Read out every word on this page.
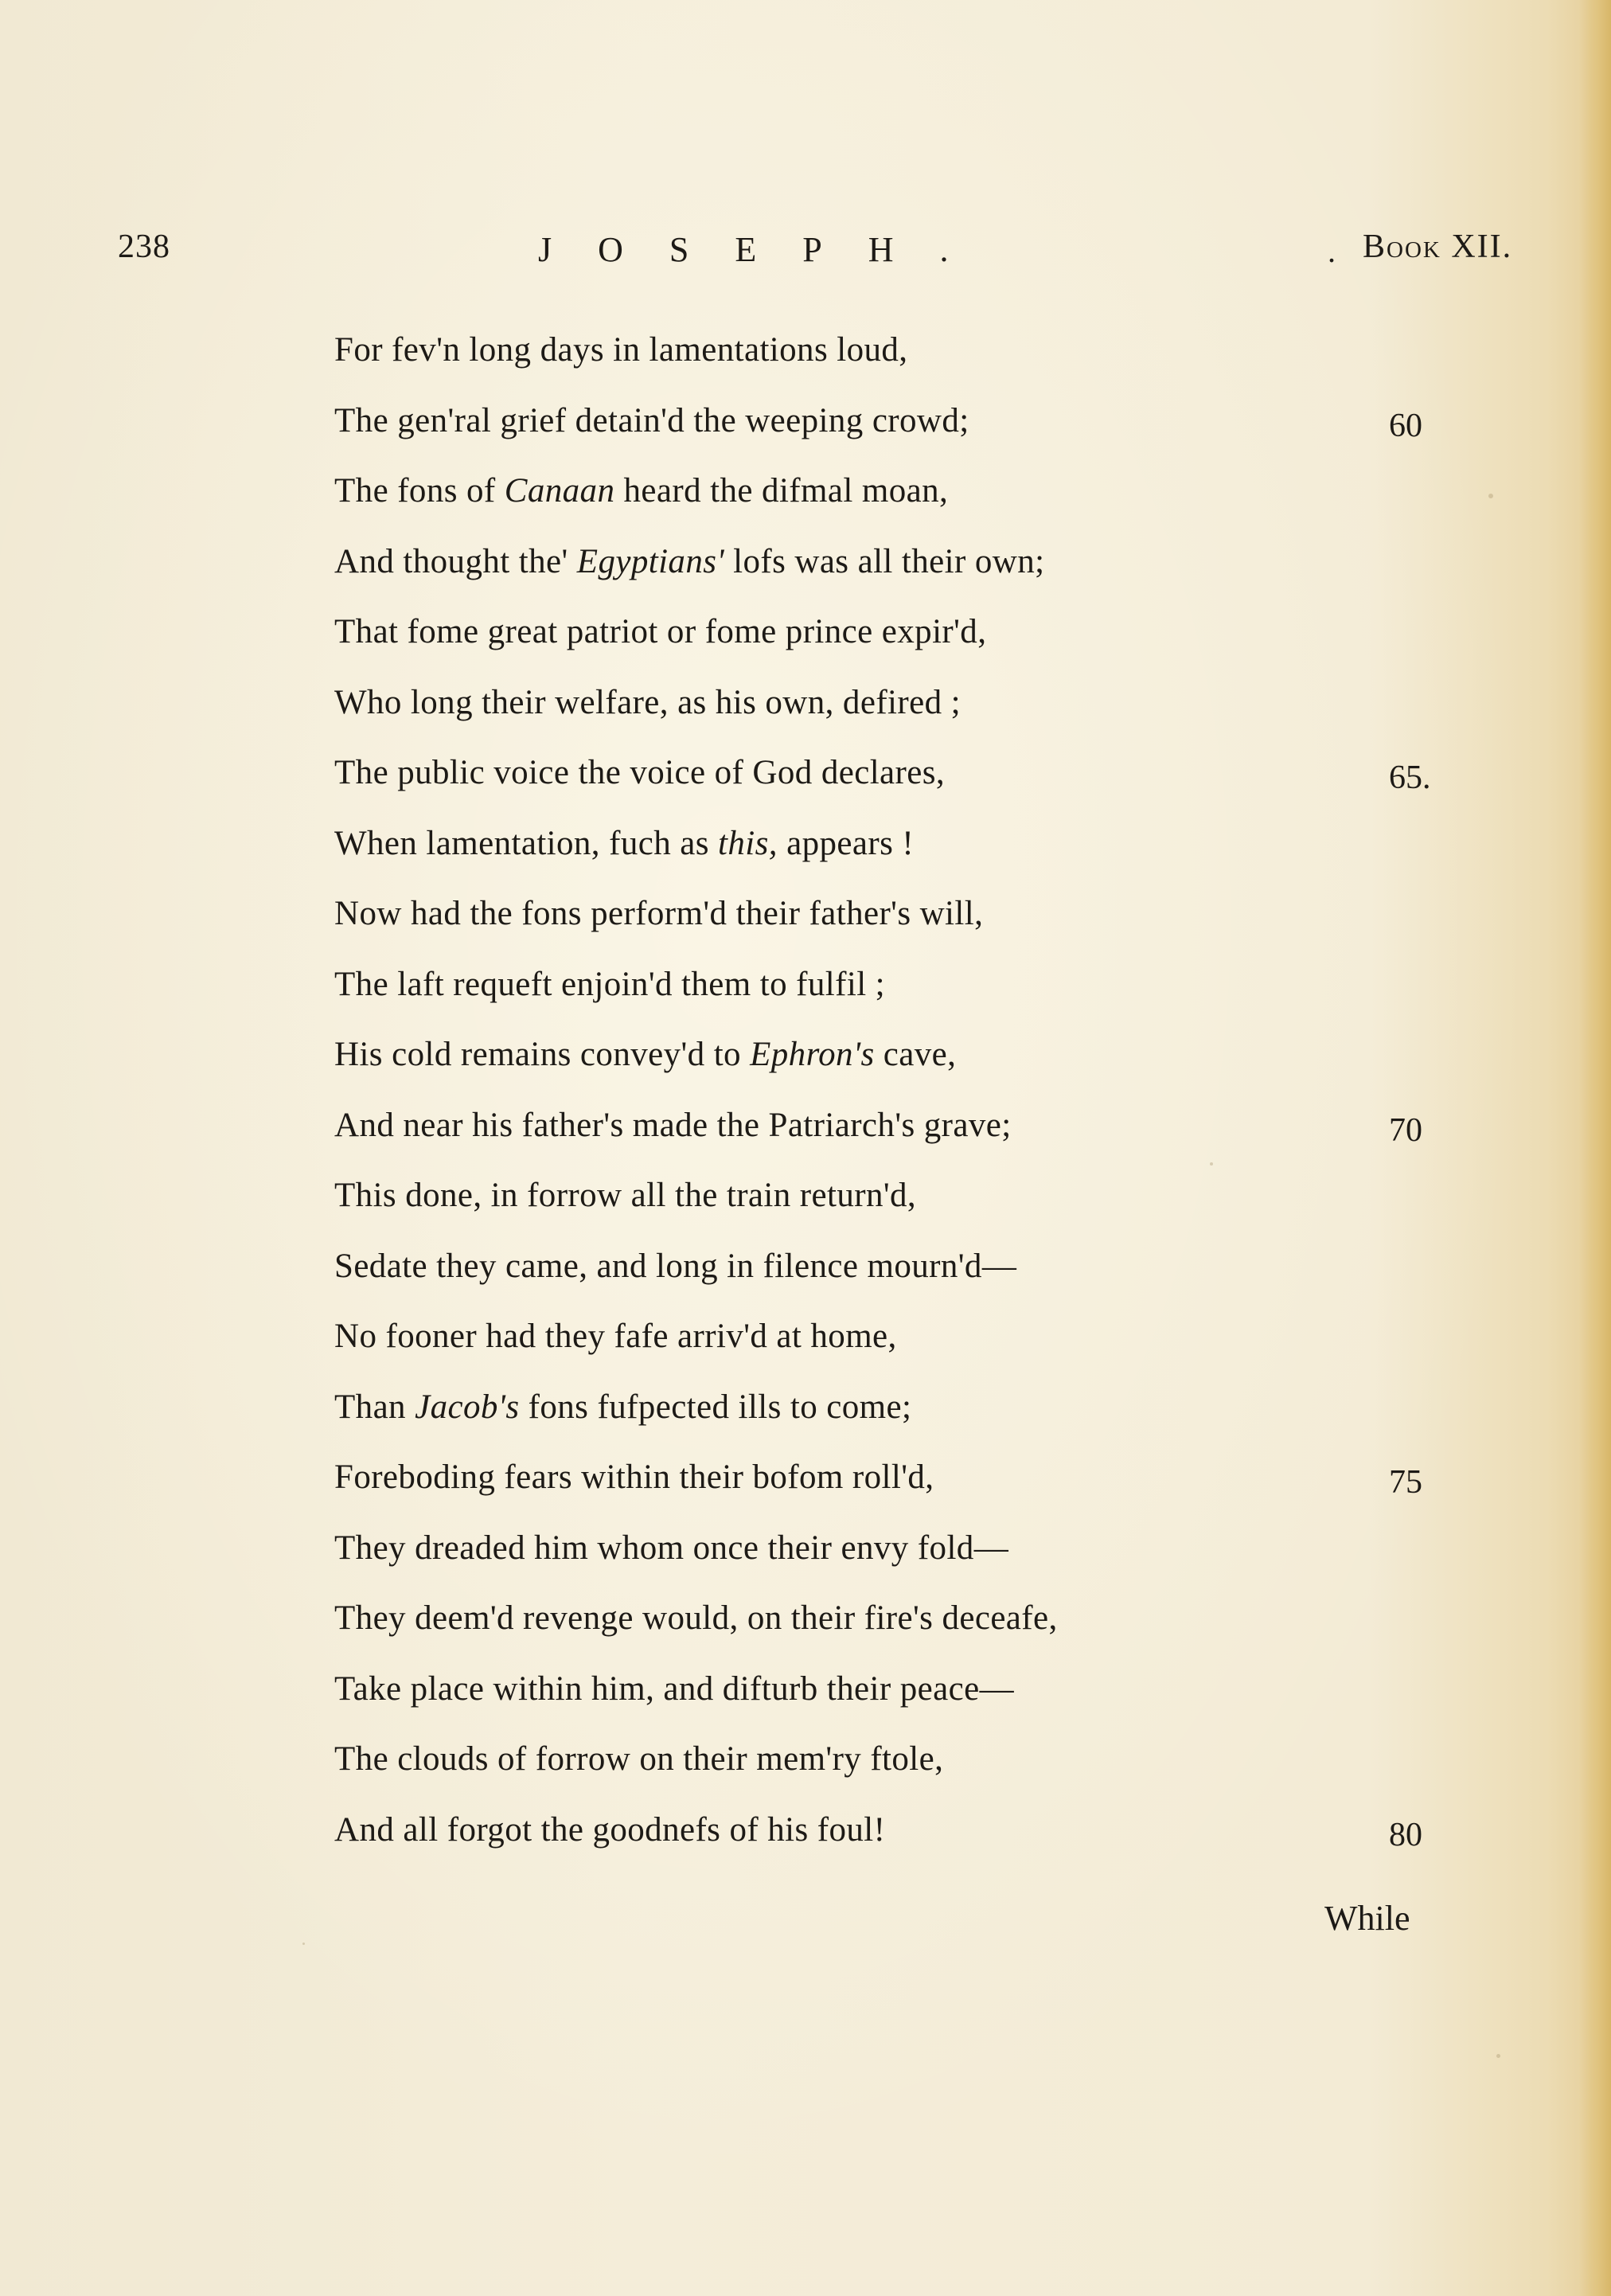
238	JOSEPH.	. Book XII.
For fev'n long days in lamentations loud,
The gen'ral grief detain'd the weeping crowd;	60
The fons of Canaan heard the difmal moan,
And thought the' Egyptians' lofs was all their own;
That fome great patriot or fome prince expir'd,
Who long their welfare, as his own, defired ;
The public voice the voice of God declares,	65.
When lamentation, fuch as this, appears !
Now had the fons perform'd their father's will,
The laft requeft enjoin'd them to fulfil ;
His cold remains convey'd to Ephron's cave,
And near his father's made the Patriarch's grave;	70
This done, in forrow all the train return'd,
Sedate they came, and long in filence mourn'd—
No fooner had they fafe arriv'd at home,
Than Jacob's fons fufpected ills to come;
Foreboding fears within their bofom roll'd,	75
They dreaded him whom once their envy fold—
They deem'd revenge would, on their fire's deceafe,
Take place within him, and difturb their peace—
The clouds of forrow on their mem'ry ftole,
And all forgot the goodnefs of his foul!	80
While
